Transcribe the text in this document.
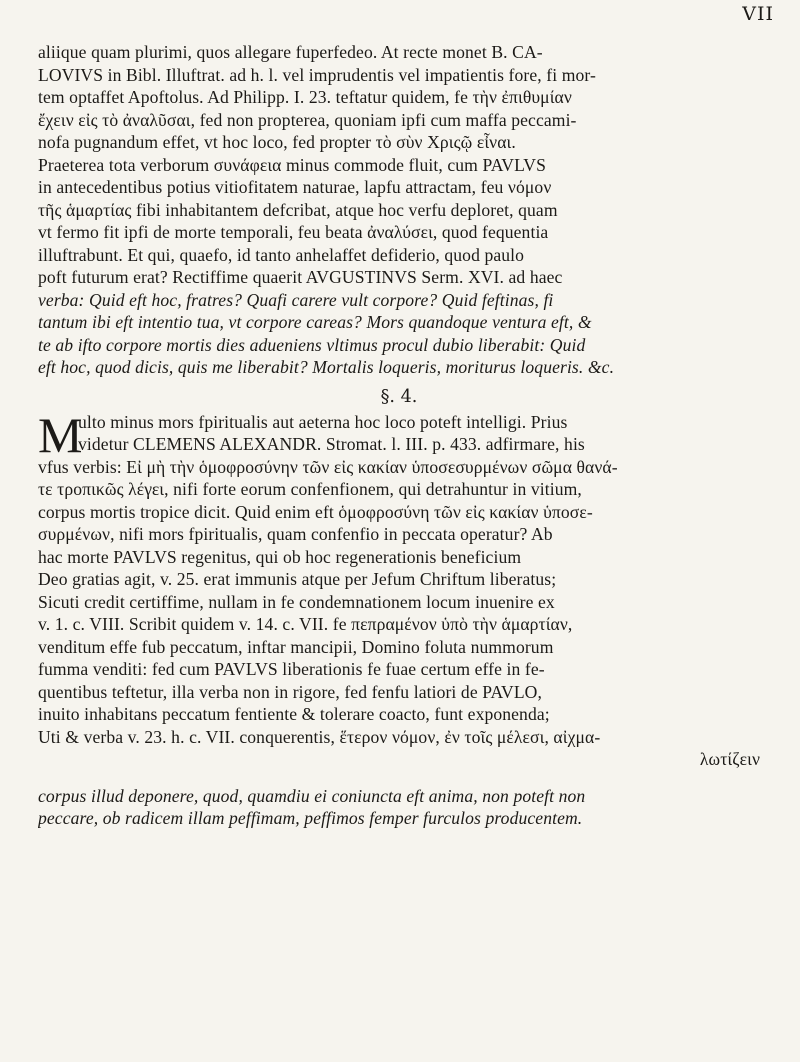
VII

aliique quam plurimi, quos allegare fuperfedeo. At recte monet B. CA-
LOVIVS in Bibl. Illuftrat. ad h. l. vel imprudentis vel impatientis fore, fi mor-
tem optaffet Apoftolus. Ad Philipp. I. 23. teftatur quidem, fe τὴν ἐπιθυμίαν
ἔχειν εἰς τὸ ἀναλῦσαι, fed non propterea, quoniam ipfi cum maffa peccami-
nofa pugnandum effet, vt hoc loco, fed propter τὸ σὺν Χριςῷ εἶναι.
Praeterea tota verborum συνάφεια minus commode fluit, cum PAVLVS
in antecedentibus potius vitiofitatem naturae, lapfu attractam, feu νόμον
τῆς ἁμαρτίας fibi inhabitantem defcribat, atque hoc verfu deploret, quam
vt fermo fit ipfi de morte temporali, feu beata ἀναλύσει, quod fequentia
illuftrabunt. Et qui, quaefo, id tanto anhelaffet defiderio, quod paulo
poft futurum erat? Rectiffime quaerit AVGUSTINVS Serm. XVI. ad haec
verba: Quid eft hoc, fratres? Quafi carere vult corpore? Quid feftinas, fi
tantum ibi eft intentio tua, vt corpore careas? Mors quandoque ventura eft, &
te ab ifto corpore mortis dies adueniens vltimus procul dubio liberabit: Quid
eft hoc, quod dicis, quis me liberabit? Mortalis loqueris, moriturus loqueris. &c.

§. 4.

M
ulto minus mors fpiritualis aut aeterna hoc loco poteft intelligi. Prius
videtur CLEMENS ALEXANDR. Stromat. l. III. p. 433. adfirmare, his
vfus verbis: Εἰ μὴ τὴν ὁμοφροσύνην τῶν εἰς κακίαν ὑποσεσυρμένων σῶμα θανά-
τε τροπικῶς λέγει, nifi forte eorum confenfionem, qui detrahuntur in vitium,
corpus mortis tropice dicit. Quid enim eft ὁμοφροσύνη τῶν εἰς κακίαν ὑποσε-
συρμένων, nifi mors fpiritualis, quam confenfio in peccata operatur? Ab
hac morte PAVLVS regenitus, qui ob hoc regenerationis beneficium
Deo gratias agit, v. 25. erat immunis atque per Jefum Chriftum liberatus;
Sicuti credit certiffime, nullam in fe condemnationem locum inuenire ex
v. 1. c. VIII. Scribit quidem v. 14. c. VII. fe πεπραμένον ὑπὸ τὴν ἁμαρτίαν,
venditum effe fub peccatum, inftar mancipii, Domino foluta nummorum
fumma venditi: fed cum PAVLVS liberationis fe fuae certum effe in fe-
quentibus teftetur, illa verba non in rigore, fed fenfu latiori de PAVLO,
inuito inhabitans peccatum fentiente & tolerare coacto, funt exponenda;
Uti & verba v. 23. h. c. VII. conquerentis, ἕτερον νόμον, ἐν τοῖς μέλεσι, αἰχμα-
λωτίζειν

corpus illud deponere, quod, quamdiu ei coniuncta eft anima, non poteft non
peccare, ob radicem illam peffimam, peffimos femper furculos producentem.
